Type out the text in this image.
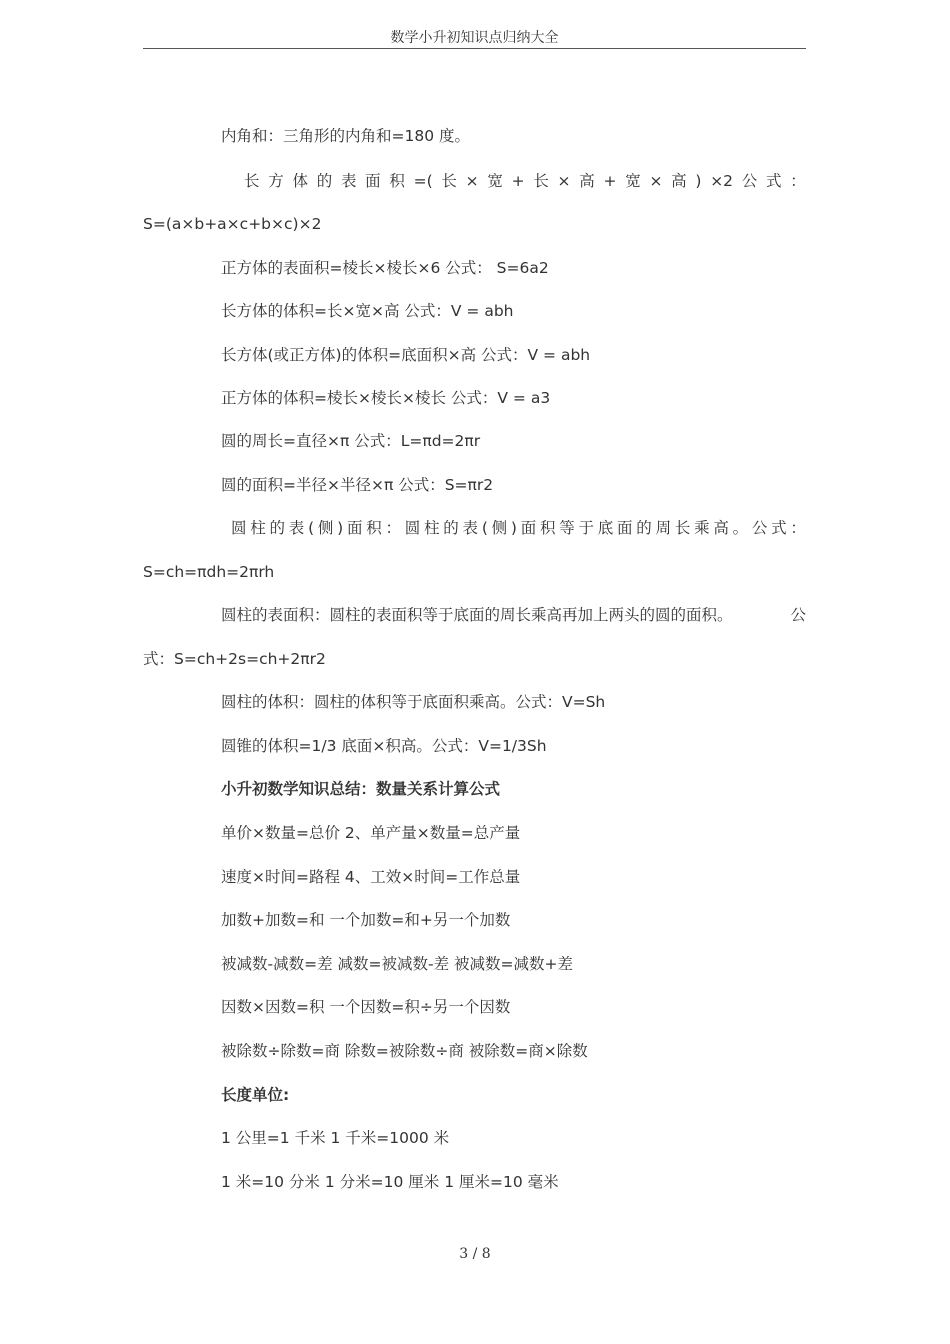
数学小升初知识点归纳大全
内角和：三角形的内角和=180 度。
长 方 体 的 表 面 积 =( 长 × 宽 + 长 × 高 + 宽 × 高 ) ×2 公 式 ：
S=(a×b+a×c+b×c)×2
正方体的表面积=棱长×棱长×6 公式： S=6a2
长方体的体积=长×宽×高 公式：V = abh
长方体(或正方体)的体积=底面积×高 公式：V = abh
正方体的体积=棱长×棱长×棱长 公式：V = a3
圆的周长=直径×π 公式：L=πd=2πr
圆的面积=半径×半径×π 公式：S=πr2
圆 柱 的 表 ( 侧 ) 面 积 ： 圆 柱 的 表 ( 侧 ) 面 积 等 于 底 面 的 周 长 乘 高 。 公 式 ：
S=ch=πdh=2πrh
圆柱的表面积：圆柱的表面积等于底面的周长乘高再加上两头的圆的面积。	公
式：S=ch+2s=ch+2πr2
圆柱的体积：圆柱的体积等于底面积乘高。公式：V=Sh
圆锥的体积=1/3 底面×积高。公式：V=1/3Sh
小升初数学知识总结：数量关系计算公式
单价×数量=总价 2、单产量×数量=总产量
速度×时间=路程 4、工效×时间=工作总量
加数+加数=和 一个加数=和+另一个加数
被减数-减数=差 减数=被减数-差 被减数=减数+差
因数×因数=积 一个因数=积÷另一个因数
被除数÷除数=商 除数=被除数÷商 被除数=商×除数
长度单位:
1 公里=1 千米 1 千米=1000 米
1 米=10 分米 1 分米=10 厘米 1 厘米=10 毫米
3 / 8
